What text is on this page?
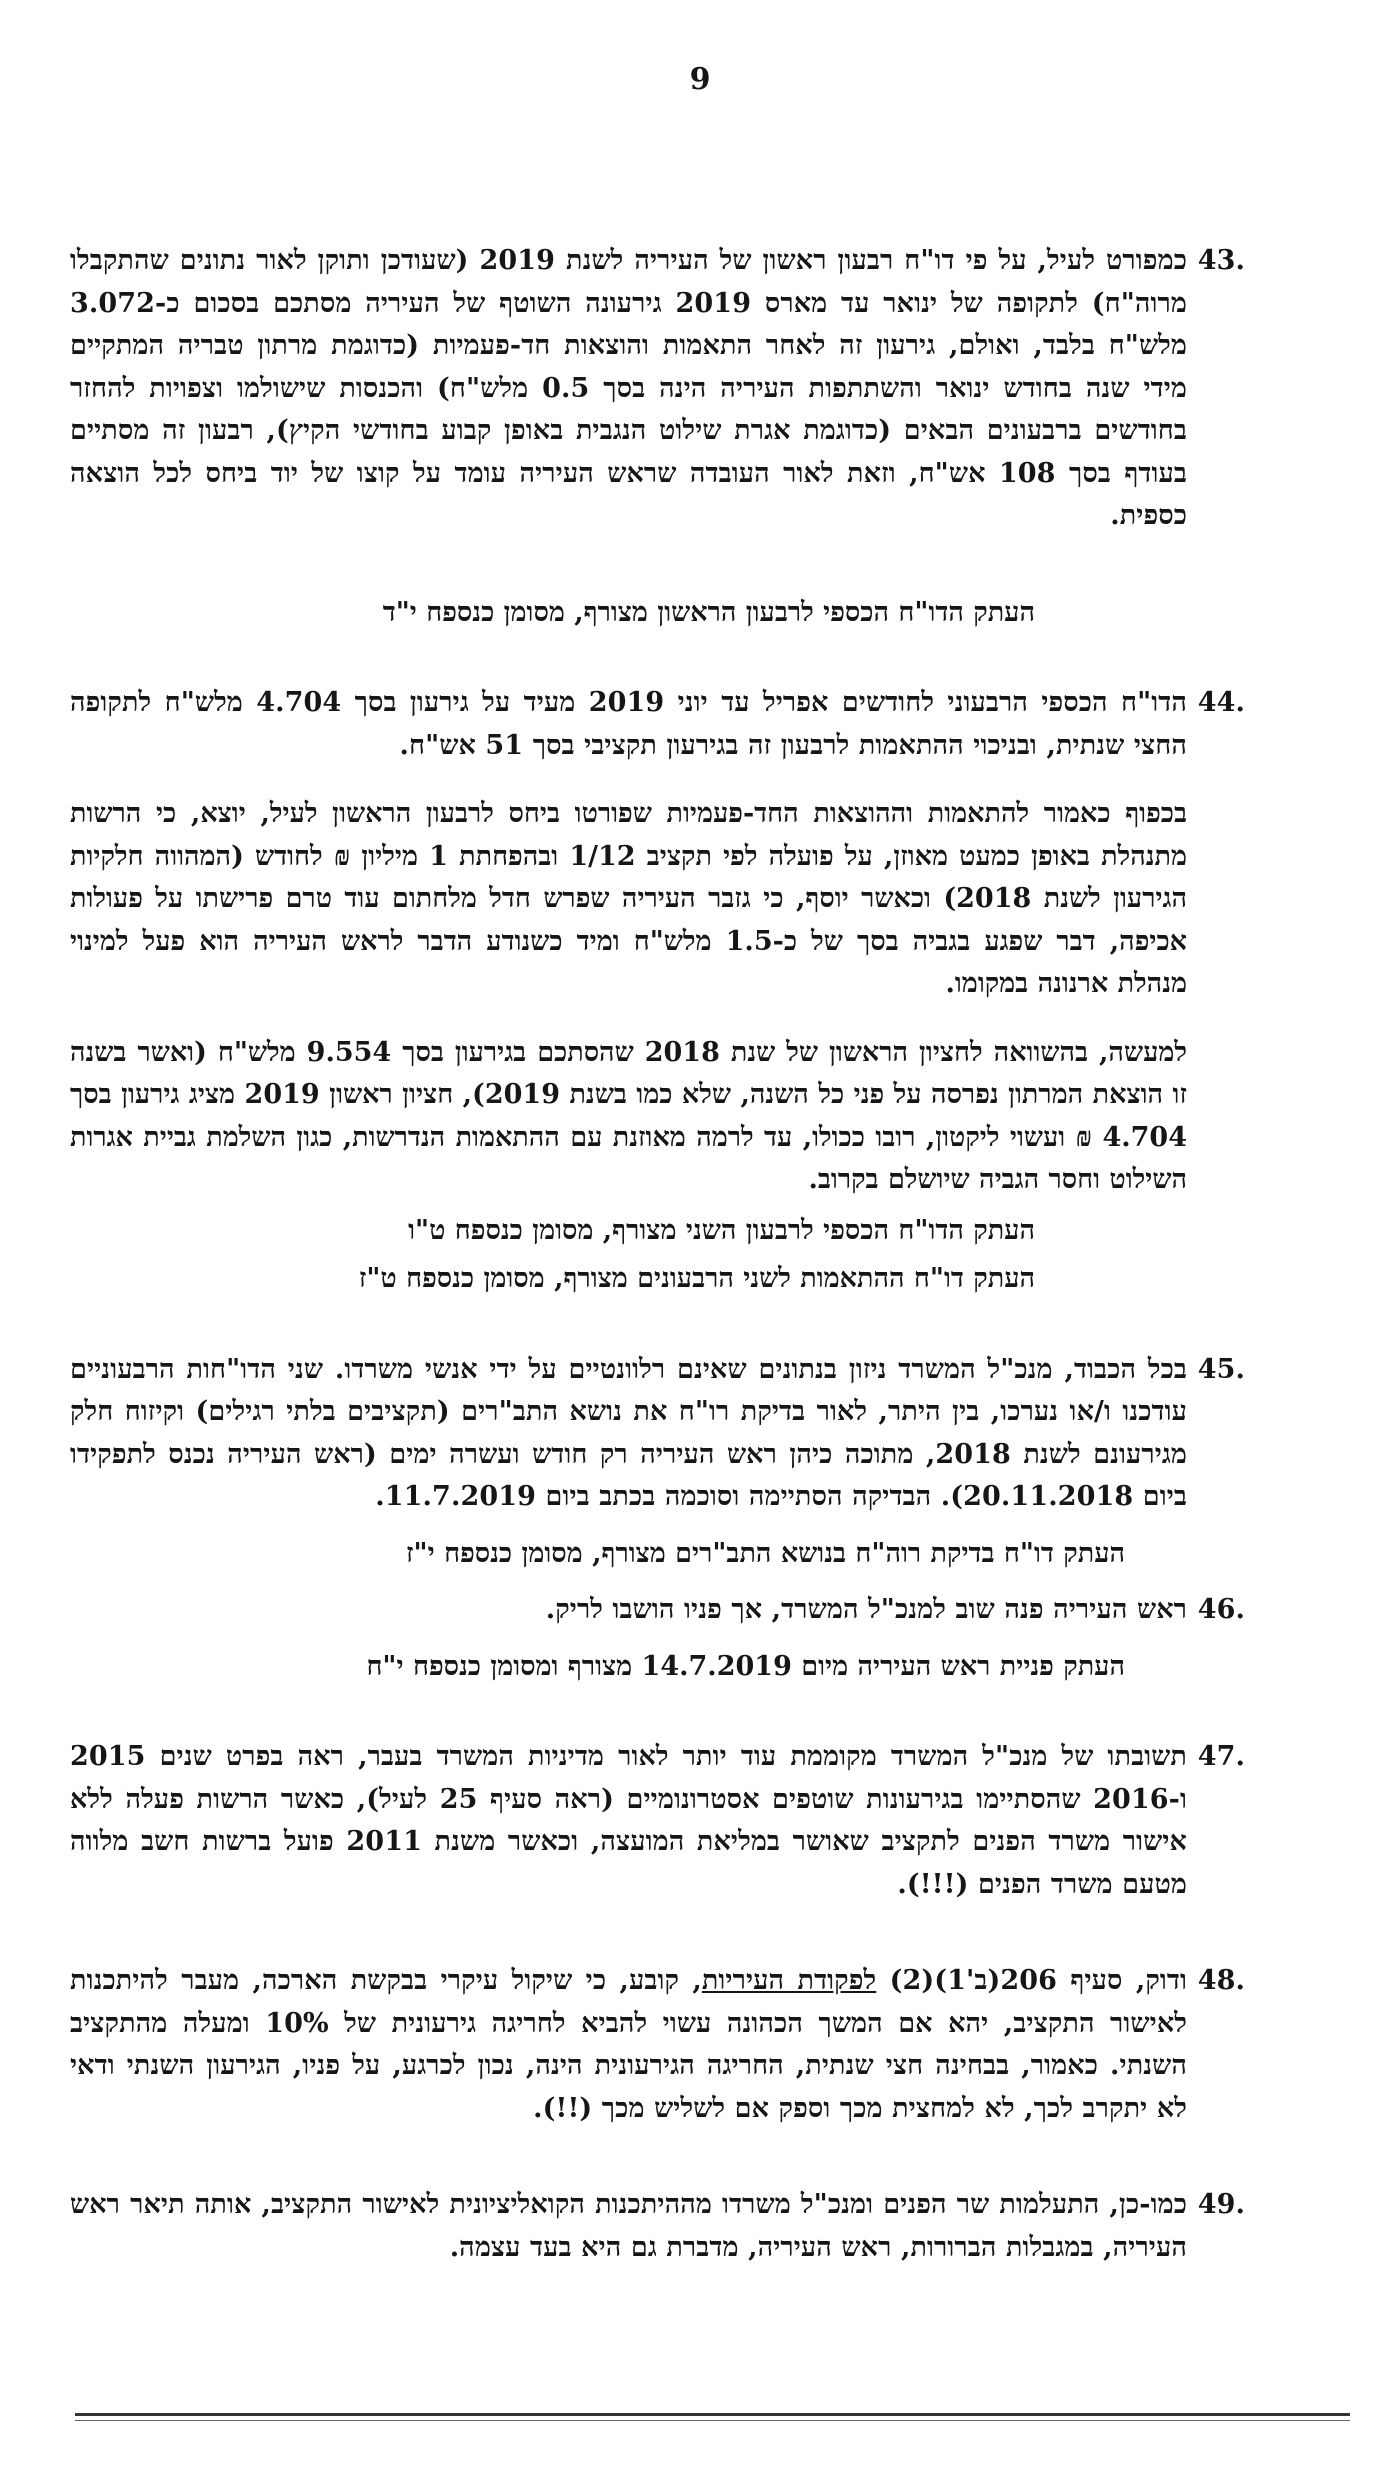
9
.43
כמפורט לעיל, על פי דו"ח רבעון ראשון של העיריה לשנת 2019 (שעודכן ותוקן לאור נתונים שהתקבלו מרוה"ח) לתקופה של ינואר עד מארס 2019 גירעונה השוטף של העיריה מסתכם בסכום כ-3.072 מלש"ח בלבד, ואולם, גירעון זה לאחר התאמות והוצאות חד-פעמיות (כדוגמת מרתון טבריה המתקיים מידי שנה בחודש ינואר והשתתפות העיריה הינה בסך 0.5 מלש"ח) והכנסות שישולמו וצפויות להחזר בחודשים ברבעונים הבאים (כדוגמת אגרת שילוט הנגבית באופן קבוע בחודשי הקיץ), רבעון זה מסתיים בעודף בסך 108 אש"ח, וזאת לאור העובדה שראש העיריה עומד על קוצו של יוד ביחס לכל הוצאה כספית.
העתק הדו"ח הכספי לרבעון הראשון מצורף, מסומן כנספח י"ד
.44
הדו"ח הכספי הרבעוני לחודשים אפריל עד יוני 2019 מעיד על גירעון בסך 4.704 מלש"ח לתקופה החצי שנתית, ובניכוי ההתאמות לרבעון זה בגירעון תקציבי בסך 51 אש"ח.
בכפוף כאמור להתאמות וההוצאות החד-פעמיות שפורטו ביחס לרבעון הראשון לעיל, יוצא, כי הרשות מתנהלת באופן כמעט מאוזן, על פועלה לפי תקציב 1/12 ובהפחתת 1 מיליון ₪ לחודש (המהווה חלקיות הגירעון לשנת 2018) וכאשר יוסף, כי גזבר העיריה שפרש חדל מלחתום עוד טרם פרישתו על פעולות אכיפה, דבר שפגע בגביה בסך של כ-1.5 מלש"ח ומיד כשנודע הדבר לראש העיריה הוא פעל למינוי מנהלת ארנונה במקומו.
למעשה, בהשוואה לחציון הראשון של שנת 2018 שהסתכם בגירעון בסך 9.554 מלש"ח (ואשר בשנה זו הוצאת המרתון נפרסה על פני כל השנה, שלא כמו בשנת 2019), חציון ראשון 2019 מציג גירעון בסך 4.704 ₪ ועשוי ליקטון, רובו ככולו, עד לרמה מאוזנת עם ההתאמות הנדרשות, כגון השלמת גביית אגרות השילוט וחסר הגביה שיושלם בקרוב.
העתק הדו"ח הכספי לרבעון השני מצורף, מסומן כנספח ט"ו
העתק דו"ח ההתאמות לשני הרבעונים מצורף, מסומן כנספח ט"ז
.45
בכל הכבוד, מנכ"ל המשרד ניזון בנתונים שאינם רלוונטיים על ידי אנשי משרדו. שני הדו"חות הרבעוניים עודכנו ו/או נערכו, בין היתר, לאור בדיקת רו"ח את נושא התב"רים (תקציבים בלתי רגילים) וקיזוח חלק מגירעונם לשנת 2018, מתוכה כיהן ראש העיריה רק חודש ועשרה ימים (ראש העיריה נכנס לתפקידו ביום 20.11.2018). הבדיקה הסתיימה וסוכמה בכתב ביום 11.7.2019.
העתק דו"ח בדיקת רוה"ח בנושא התב"רים מצורף, מסומן כנספח י"ז
.46
ראש העיריה פנה שוב למנכ"ל המשרד, אך פניו הושבו לריק.
העתק פניית ראש העיריה מיום 14.7.2019 מצורף ומסומן כנספח י"ח
.47
תשובתו של מנכ"ל המשרד מקוממת עוד יותר לאור מדיניות המשרד בעבר, ראה בפרט שנים 2015 ו-2016 שהסתיימו בגירעונות שוטפים אסטרונומיים (ראה סעיף 25 לעיל), כאשר הרשות פעלה ללא אישור משרד הפנים לתקציב שאושר במליאת המועצה, וכאשר משנת 2011 פועל ברשות חשב מלווה מטעם משרד הפנים (!!!).
.48
ודוק, סעיף 206(ב'1)(2) לפקודת העיריות, קובע, כי שיקול עיקרי בבקשת הארכה, מעבר להיתכנות לאישור התקציב, יהא אם המשך הכהונה עשוי להביא לחריגה גירעונית של 10% ומעלה מהתקציב השנתי. כאמור, בבחינה חצי שנתית, החריגה הגירעונית הינה, נכון לכרגע, על פניו, הגירעון השנתי ודאי לא יתקרב לכך, לא למחצית מכך וספק אם לשליש מכך (!!).
.49
כמו-כן, התעלמות שר הפנים ומנכ"ל משרדו מההיתכנות הקואליציונית לאישור התקציב, אותה תיאר ראש העיריה, במגבלות הברורות, ראש העיריה, מדברת גם היא בעד עצמה.
